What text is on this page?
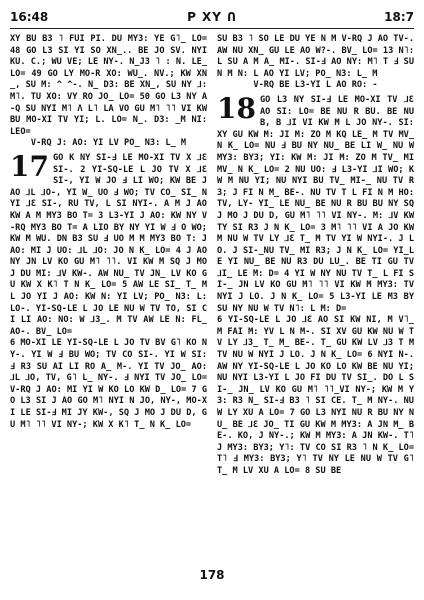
16:48	P XY Ո	18:7

XY BU B3 ˥ FUI PI. DU MY3: YE G˥_ LO= 48 GO L3 SI YI SO XN_.. BE JO SV. NYI KU. C.; WU VE; LE NY-. N_J3 ˥ : N. LE_ LO= 49 GO LY MO-R XO: WU_. NV.; KW XN_, SU M: ^ ^-. N_ D3: BE XN_, SU NY ⅃: M˥. TU XO: VY RO JO_ LO= 50 GO L3 NY A-Q SU NYI M˥ Λ L˥ LA VO GU M˥ ˥˥ VI KW BU MO-XI TV YI; L. LO= N_. D3: _M NI: LEO=

V-RQ J: AO: YI LV PO_ N3: L_ M

17 GO K NY SI-Ⅎ LE MO-XI TV X ⅃Ɛ SI-. 2 YI-SQ-LE L JO TV X ⅃Ɛ SI-, YI W JO Ⅎ LI WO; KW BE J AO ⅃L ⅃O-, YI W_ UO Ⅎ WO; TV CO_ SI_ NYI ⅃Ɛ SI-, RU TV, L SI NYI-. A M J AO KW A M MY3 BO T= 3 L3-YI J AO: KW NY V-RQ MY3 BO T= A LIO BY NY YI W Ⅎ O WO; KW M WU. DN B3 SU Ⅎ UO M M MY3 BO T: J AO: MI J UO: ⅃L ⅃O: JO N K_ LO= 4 J AO NY JN LV KO GU M˥ ˥˥. VI KW M SQ J MO J DU MI: ⅃V KW-. AW NU_ TV JN_ LV KO GU KW X K˥ T N K_ LO= 5 AW LE SI_ T_ M L JO YI J AO: KW N: YI LV; PO_ N3: L: LO-. YI-SQ-LE L JO LE NU W TV TO, SI CI LI AO: NO: W ⅃3_. M TV AW LE N: FL_ AO-. BV_ LO=

6 MO-XI LE YI-SQ-LE L JO TV BV G˥ KO NY-. YI W Ⅎ BU WO; TV CO SI-. YI W SI: Ⅎ R3 SU AI LI RO A_ M-. YI TV JO_ AO: ⅃L ⅃O, TV, G˥ L_ NY-. Ⅎ NYI TV JO_ LO= V-RQ J AO: MI YI W KO LO KW D_ LO= 7 GO L3 SI J AO GO M˥ NYI N JO, NY-, MO-XI LE SI-Ⅎ MI JY KW-, SQ J MO J DU D, GU M˥ ˥˥ VI NY-; KW X K˥ T_ N K_ LO=

SU B3 ˥ SO LE DU YE N M V-RQ J AO TV-. AW NU XN_ GU LE AO W?-. BV_ LO= 13 N˥: L SU A M A_ MI-. SI-Ⅎ AO NY: M˥ T Ⅎ SU N M N: L AO YI LV; PO_ N3: L_ M

V-RQ BE L3-YI L AO RO: -

18 GO L3 NY SI-Ⅎ LE MO-XI TV ⅃Ɛ AO SI: LO= BE NU R BU. BE NU B, B ⅃I VI KW M L JO NY-. SI: XY GU KW M: JI M: ZO M KQ LE_ M TV MV_ N K_ LO= NU Ⅎ BU NY NU_ BE LI W_ NU W MY3: BY3; YI: KW M: JI M: ZO M TV_ MI MV_ N K_ LO= 2 NU UO: Ⅎ L3-YI ⅃I WO; KW M NU YI; NU NYI BU TV_ MI-_ NU TV R3; J FI N M_ BE-. NU TV T L FI N M HO: TV, LY- YI_ LE NU_ BE NU R BU BU NY SQ J MO J DU D, GU M˥ ˥˥ VI NY-. M: ⅃V KW TY SI R3 J N K_ LO= 3 M˥ ˥˥ VI A JO KW M NU W TV LY ⅃Ɛ T_ M TV YI W NYI-. J LO. J SI-_NU TV_ MI R3; J N K_ LO= YI_LE YI NU_ BE NU R3 DU LU_. BE TI GU TV ⅃I_ LE M: D= 4 YI W NY NU TV T_ L FI SI-_ JN LV KO GU M˥ ˥˥ VI KW M MY3: TV NYI J LO. J N K_ LO= 5 L3-YI LE M3 BY SU NY NU W TV N˥: L M: D=

6 YI-SQ-LE L JO ⅃Ɛ AO SI KW NI, M V˥_ M FAI M: YV L N M-. SI XV GU KW NU W TV LY ⅃3_ T_ M_ BE-. T_ GU KW LV ⅃3 T M TV NU W NYI J LO. J N K_ LO= 6 NYI N-. AW NY YI-SQ-LE L JO KO LO KW BE NU YI; NU NYI L3-YI L JO FI DU TV SI_. DO L SI-_ JN_ LV KO GU M˥ ˥˥_VI NY-; KW M Y3: R3 N_ SI-Ⅎ B3 ˥ SI CE. T_ M NY-. NU W LY XU A LO= 7 GO L3 NYI NU R BU NY NU_ BE ⅃Ɛ JO_ TI GU KW M MY3: A JN M_ BE-. KO, J NY-.; KW M MY3: A JN KW-. T˥ J MY3: BY3; Y˥: TV CO SI R3 ˥ N K_ LO= T˥ Ⅎ MY3: BY3; Y˥ TV NY LE NU W TV G˥ T_ M LV XU A LO= 8 SU BE

178
